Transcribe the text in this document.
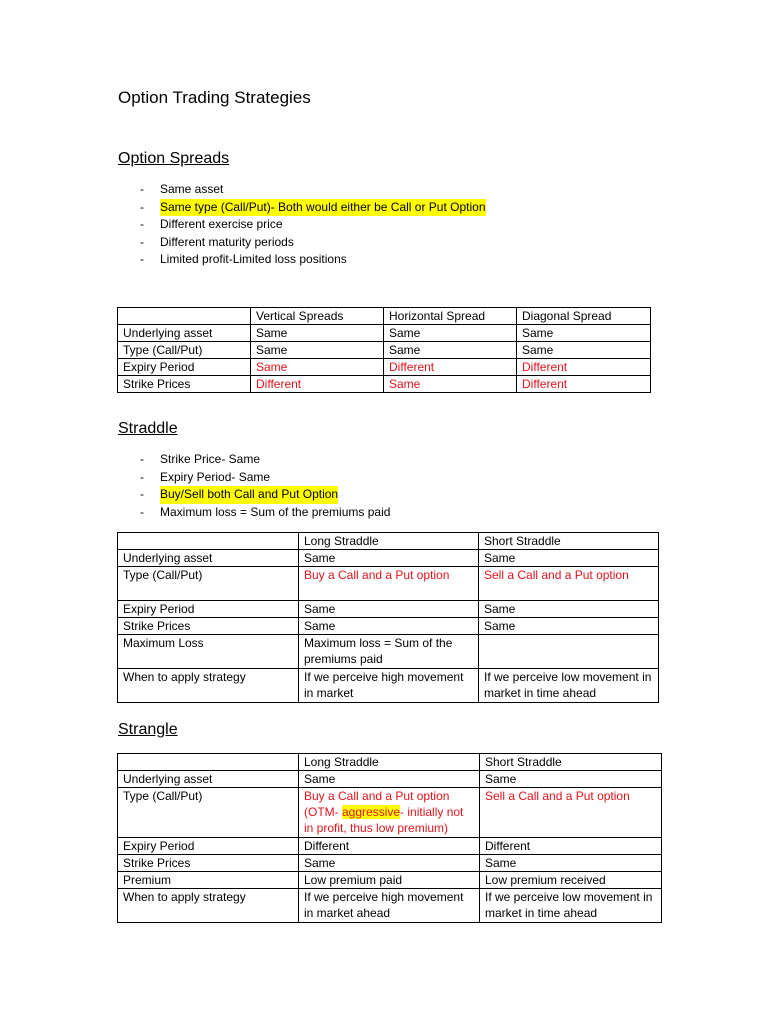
Option Trading Strategies
Option Spreads
- Same asset
- Same type (Call/Put)- Both would either be Call or Put Option
- Different exercise price
- Different maturity periods
- Limited profit-Limited loss positions
	Vertical Spreads	Horizontal Spread	Diagonal Spread
Underlying asset	Same	Same	Same
Type (Call/Put)	Same	Same	Same
Expiry Period	Same	Different	Different
Strike Prices	Different	Same	Different
Straddle
- Strike Price- Same
- Expiry Period- Same
- Buy/Sell both Call and Put Option
- Maximum loss = Sum of the premiums paid
	Long Straddle	Short Straddle
Underlying asset	Same	Same
Type (Call/Put)	Buy a Call and a Put option	Sell a Call and a Put option
Expiry Period	Same	Same
Strike Prices	Same	Same
Maximum Loss	Maximum loss = Sum of the premiums paid	
When to apply strategy	If we perceive high movement in market	If we perceive low movement in market in time ahead
Strangle
	Long Straddle	Short Straddle
Underlying asset	Same	Same
Type (Call/Put)	Buy a Call and a Put option (OTM- aggressive- initially not in profit, thus low premium)	Sell a Call and a Put option
Expiry Period	Different	Different
Strike Prices	Same	Same
Premium	Low premium paid	Low premium received
When to apply strategy	If we perceive high movement in market ahead	If we perceive low movement in market in time ahead
